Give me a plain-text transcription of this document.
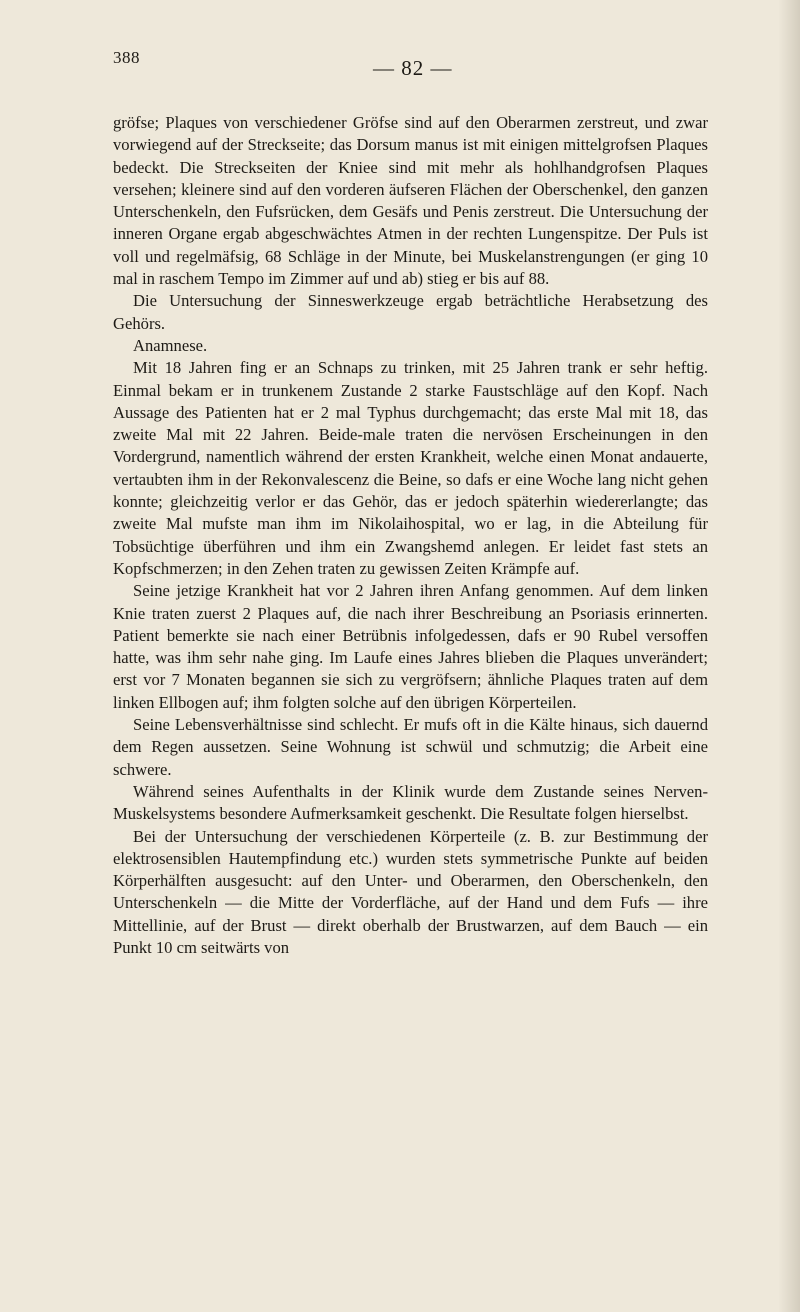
388	— 82 —

gröfse; Plaques von verschiedener Gröfse sind auf den Oberarmen zerstreut, und zwar vorwiegend auf der Streckseite; das Dorsum manus ist mit einigen mittelgrofsen Plaques bedeckt. Die Streckseiten der Kniee sind mit mehr als hohlhandgrofsen Plaques versehen; kleinere sind auf den vorderen äufseren Flächen der Oberschenkel, den ganzen Unterschenkeln, den Fufsrücken, dem Gesäfs und Penis zerstreut. Die Untersuchung der inneren Organe ergab abgeschwächtes Atmen in der rechten Lungenspitze. Der Puls ist voll und regelmäfsig, 68 Schläge in der Minute, bei Muskelanstrengungen (er ging 10 mal in raschem Tempo im Zimmer auf und ab) stieg er bis auf 88.

Die Untersuchung der Sinneswerkzeuge ergab beträchtliche Herabsetzung des Gehörs.

Anamnese.

Mit 18 Jahren fing er an Schnaps zu trinken, mit 25 Jahren trank er sehr heftig. Einmal bekam er in trunkenem Zustande 2 starke Faustschläge auf den Kopf. Nach Aussage des Patienten hat er 2 mal Typhus durchgemacht; das erste Mal mit 18, das zweite Mal mit 22 Jahren. Beide-male traten die nervösen Erscheinungen in den Vordergrund, namentlich während der ersten Krankheit, welche einen Monat andauerte, vertaubten ihm in der Rekonvalescenz die Beine, so dafs er eine Woche lang nicht gehen konnte; gleichzeitig verlor er das Gehör, das er jedoch späterhin wiedererlangte; das zweite Mal mufste man ihm im Nikolaihospital, wo er lag, in die Abteilung für Tobsüchtige überführen und ihm ein Zwangshemd anlegen. Er leidet fast stets an Kopfschmerzen; in den Zehen traten zu gewissen Zeiten Krämpfe auf.

Seine jetzige Krankheit hat vor 2 Jahren ihren Anfang genommen. Auf dem linken Knie traten zuerst 2 Plaques auf, die nach ihrer Beschreibung an Psoriasis erinnerten. Patient bemerkte sie nach einer Betrübnis infolgedessen, dafs er 90 Rubel versoffen hatte, was ihm sehr nahe ging. Im Laufe eines Jahres blieben die Plaques unverändert; erst vor 7 Monaten begannen sie sich zu vergröfsern; ähnliche Plaques traten auf dem linken Ellbogen auf; ihm folgten solche auf den übrigen Körperteilen.

Seine Lebensverhältnisse sind schlecht. Er mufs oft in die Kälte hinaus, sich dauernd dem Regen aussetzen. Seine Wohnung ist schwül und schmutzig; die Arbeit eine schwere.

Während seines Aufenthalts in der Klinik wurde dem Zustande seines Nerven-Muskelsystems besondere Aufmerksamkeit geschenkt. Die Resultate folgen hierselbst.

Bei der Untersuchung der verschiedenen Körperteile (z. B. zur Bestimmung der elektrosensiblen Hautempfindung etc.) wurden stets symmetrische Punkte auf beiden Körperhälften ausgesucht: auf den Unter- und Oberarmen, den Oberschenkeln, den Unterschenkeln — die Mitte der Vorderfläche, auf der Hand und dem Fufs — ihre Mittellinie, auf der Brust — direkt oberhalb der Brustwarzen, auf dem Bauch — ein Punkt 10 cm seitwärts von
